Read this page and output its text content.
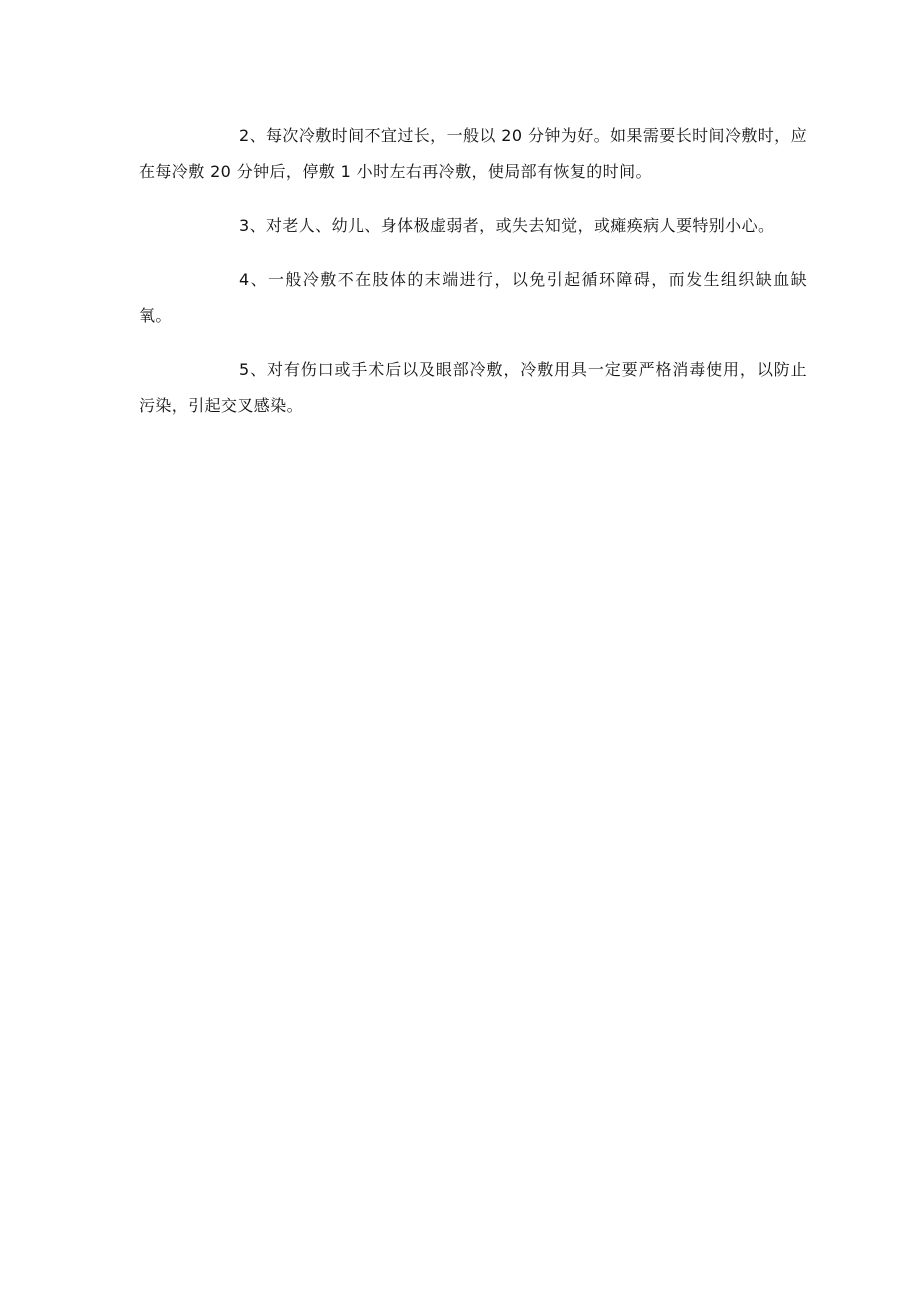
2、每次冷敷时间不宜过长，一般以 20 分钟为好。如果需要长时间冷敷时，应在每冷敷 20 分钟后，停敷 1 小时左右再冷敷，使局部有恢复的时间。

3、对老人、幼儿、身体极虚弱者，或失去知觉，或瘫痪病人要特别小心。

4、一般冷敷不在肢体的末端进行，以免引起循环障碍，而发生组织缺血缺氧。

5、对有伤口或手术后以及眼部冷敷，冷敷用具一定要严格消毒使用，以防止污染，引起交叉感染。
